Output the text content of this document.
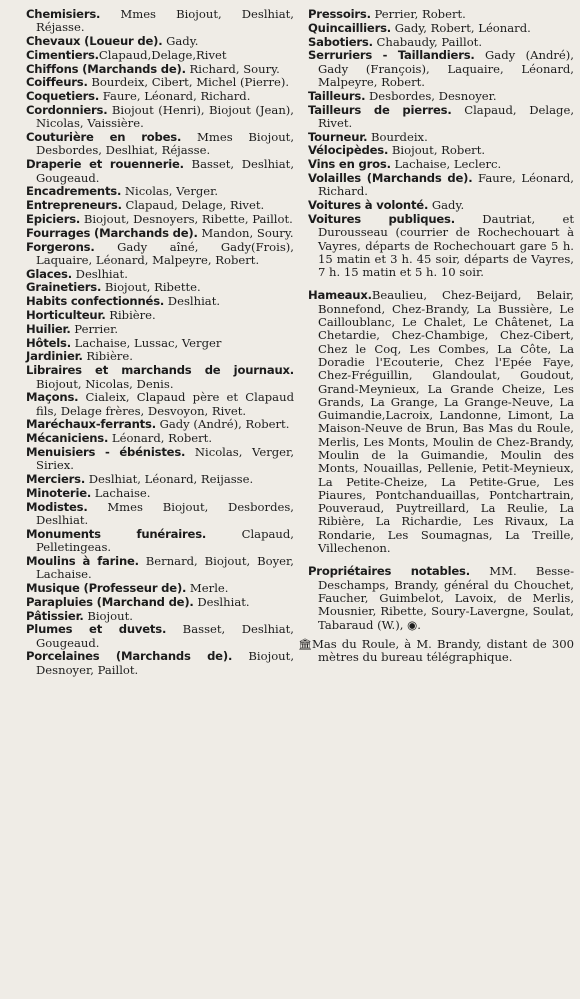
Chemisiers. Mmes Biojout, Deslhiat, Réjasse.

Chevaux (Loueur de). Gady.

Cimentiers.Clapaud,Delage,Rivet

Chiffons (Marchands de). Richard, Soury.

Coiffeurs. Bourdeix, Cibert, Michel (Pierre).

Coquetiers. Faure, Léonard, Richard.

Cordonniers. Biojout (Henri), Biojout (Jean), Nicolas, Vaissière.

Couturière en robes. Mmes Biojout, Desbordes, Deslhiat, Réjasse.

Draperie et rouennerie. Basset, Deslhiat, Gougeaud.

Encadrements. Nicolas, Verger.

Entrepreneurs. Clapaud, Delage, Rivet.

Epiciers. Biojout, Desnoyers, Ribette, Paillot.

Fourrages (Marchands de). Mandon, Soury.

Forgerons. Gady aîné, Gady(Frois), Laquaire, Léonard, Malpeyre, Robert.

Glaces. Deslhiat.

Grainetiers. Biojout, Ribette.

Habits confectionnés. Deslhiat.

Horticulteur. Ribière.

Huilier. Perrier.

Hôtels. Lachaise, Lussac, Verger

Jardinier. Ribière.

Libraires et marchands de journaux. Biojout, Nicolas, Denis.

Maçons. Cialeix, Clapaud père et Clapaud fils, Delage frères, Desvoyon, Rivet.

Maréchaux-ferrants. Gady (André), Robert.

Mécaniciens. Léonard, Robert.

Menuisiers - ébénistes. Nicolas, Verger, Siriex.

Merciers. Deslhiat, Léonard, Reijasse.

Minoterie. Lachaise.

Modistes. Mmes Biojout, Desbordes, Deslhiat.

Monuments funéraires. Clapaud, Pelletingeas.

Moulins à farine. Bernard, Biojout, Boyer, Lachaise.

Musique (Professeur de). Merle.

Parapluies (Marchand de). Deslhiat.

Pâtissier. Biojout.

Plumes et duvets. Basset, Deslhiat, Gougeaud.

Porcelaines (Marchands de). Biojout, Desnoyer, Paillot.

Pressoirs. Perrier, Robert.

Quincailliers. Gady, Robert, Léonard.

Sabotiers. Chabaudy, Paillot.

Serruriers - Taillandiers. Gady (André), Gady (François), Laquaire, Léonard, Malpeyre, Robert.

Tailleurs. Desbordes, Desnoyer.

Tailleurs de pierres. Clapaud, Delage, Rivet.

Tourneur. Bourdeix.

Vélocipèdes. Biojout, Robert.

Vins en gros. Lachaise, Leclerc.

Volailles (Marchands de). Faure, Léonard, Richard.

Voitures à volonté. Gady.

Voitures publiques. Dautriat, et Durousseau (courrier de Rochechouart à Vayres, départs de Rochechouart gare 5 h. 15 matin et 3 h. 45 soir, départs de Vayres, 7 h. 15 matin et 5 h. 10 soir.

Hameaux.Beaulieu, Chez-Beijard, Belair, Bonnefond, Chez-Brandy, La Bussière, Le Cailloublanc, Le Chalet, Le Châtenet, La Chetardie, Chez-Chambige, Chez-Cibert, Chez le Coq, Les Combes, La Côte, La Doradie l'Ecouterie, Chez l'Epée Faye, Chez-Fréguillin, Glandoulat, Goudout, Grand-Meynieux, La Grande Cheize, Les Grands, La Grange, La Grange-Neuve, La Guimandie,Lacroix, Landonne, Limont, La Maison-Neuve de Brun, Bas Mas du Roule, Merlis, Les Monts, Moulin de Chez-Brandy, Moulin de la Guimandie, Moulin des Monts, Nouaillas, Pellenie, Petit-Meynieux, La Petite-Cheize, La Petite-Grue, Les Piaures, Pontchanduaillas, Pontchartrain, Pouveraud, Puytreillard, La Reulie, La Ribière, La Richardie, Les Rivaux, La Rondarie, Les Soumagnas, La Treille, Villechenon.

Propriétaires notables. MM. Besse-Deschamps, Brandy, général du Chouchet, Faucher, Guimbelot, Lavoix, de Merlis, Mousnier, Ribette, Soury-Lavergne, Soulat, Tabaraud (W.), ◉.

🏛Mas du Roule, à M. Brandy, distant de 300 mètres du bureau télégraphique.
